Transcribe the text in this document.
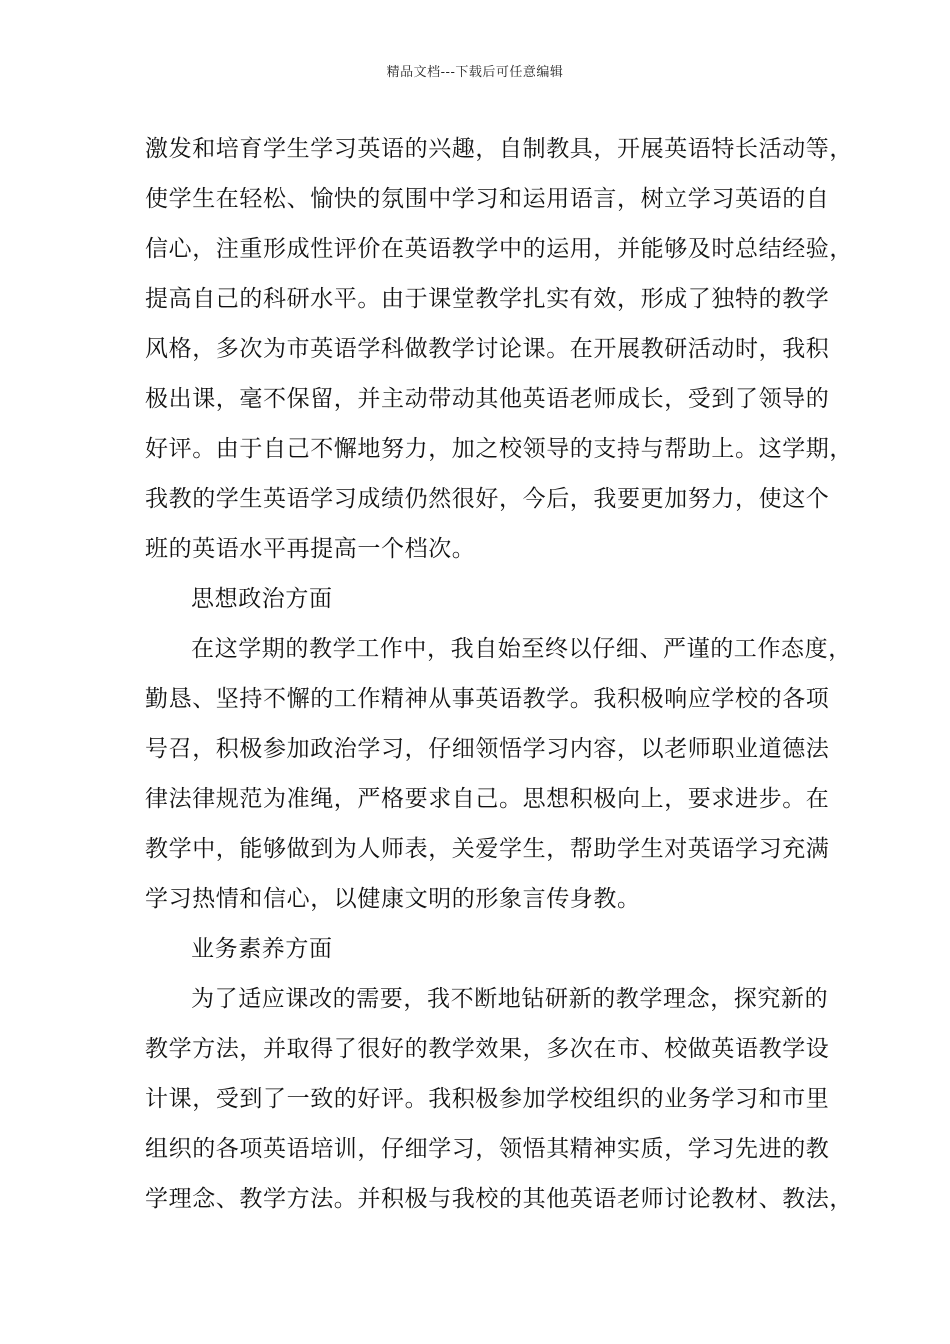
精品文档---下载后可任意编辑
激发和培育学生学习英语的兴趣，自制教具，开展英语特长活动等，
使学生在轻松、愉快的氛围中学习和运用语言，树立学习英语的自
信心，注重形成性评价在英语教学中的运用，并能够及时总结经验，
提高自己的科研水平。由于课堂教学扎实有效，形成了独特的教学
风格，多次为市英语学科做教学讨论课。在开展教研活动时，我积
极出课，毫不保留，并主动带动其他英语老师成长，受到了领导的
好评。由于自己不懈地努力，加之校领导的支持与帮助上。这学期，
我教的学生英语学习成绩仍然很好，今后，我要更加努力，使这个
班的英语水平再提高一个档次。
思想政治方面
在这学期的教学工作中，我自始至终以仔细、严谨的工作态度，
勤恳、坚持不懈的工作精神从事英语教学。我积极响应学校的各项
号召，积极参加政治学习，仔细领悟学习内容，以老师职业道德法
律法律规范为准绳，严格要求自己。思想积极向上，要求进步。在
教学中，能够做到为人师表，关爱学生，帮助学生对英语学习充满
学习热情和信心，以健康文明的形象言传身教。
业务素养方面
为了适应课改的需要，我不断地钻研新的教学理念，探究新的
教学方法，并取得了很好的教学效果，多次在市、校做英语教学设
计课，受到了一致的好评。我积极参加学校组织的业务学习和市里
组织的各项英语培训，仔细学习，领悟其精神实质，学习先进的教
学理念、教学方法。并积极与我校的其他英语老师讨论教材、教法，
